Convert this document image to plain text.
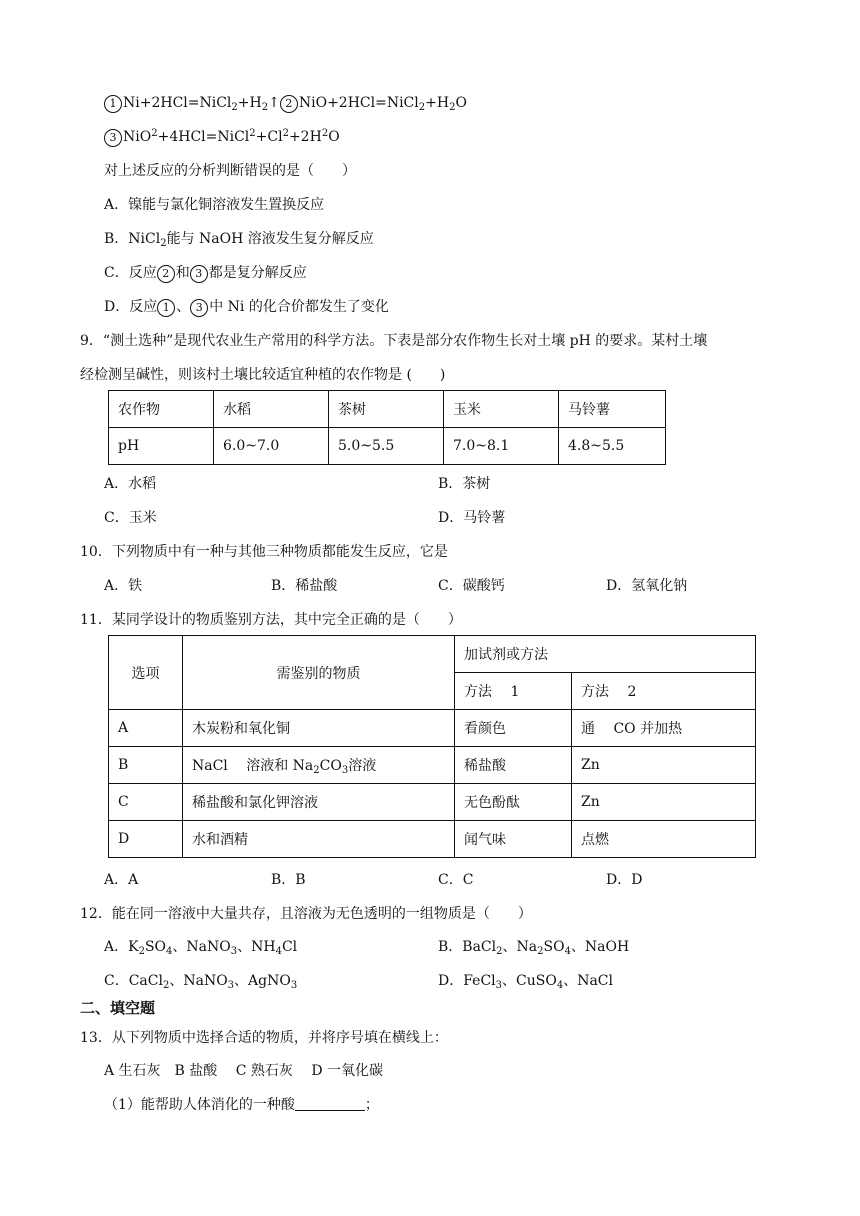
1 $Ni+2HCl=NiCl_2+H_2↑$ 2 $NiO+2HCl=NiCl_2+H_2O$
3 $NiO^2+4HCl=NiCl^2+Cl^2+2H^2O$
对上述反应的分析判断错误的是（　　）
A．镍能与氯化铜溶液发生置换反应
B．NiCl$_2$能与 NaOH 溶液发生复分解反应
C．反应 2 和 3 都是复分解反应
D．反应 1 、 3 中 Ni 的化合价都发生了变化
9．“测土选种”是现代农业生产常用的科学方法。下表是部分农作物生长对土壤 pH 的要求。某村土壤
经检测呈碱性，则该村土壤比较适宜种植的农作物是 (　　)
农作物	水稻	茶树	玉米	马铃薯
pH	6.0~7.0	5.0~5.5	7.0~8.1	4.8~5.5
A．水稻	B．茶树
C．玉米	D．马铃薯
10．下列物质中有一种与其他三种物质都能发生反应，它是
A．铁	B．稀盐酸	C．碳酸钙	D．氢氧化钠
11．某同学设计的物质鉴别方法，其中完全正确的是（　　）
选项	需鉴别的物质	加试剂或方法	
		方法　 1	方法　 2
A	木炭粉和氧化铜	看颜色	通　 CO 并加热
B	NaCl　 溶液和 $Na_2CO_3$溶液	稀盐酸	Zn
C	稀盐酸和氯化钾溶液	无色酚酞	Zn
D	水和酒精	闻气味	点燃
A．A	B．B	C．C	D．D
12．能在同一溶液中大量共存，且溶液为无色透明的一组物质是（　　）
A．$K_2SO_4$、NaNO$_3$、$NH_4Cl$	B．BaCl$_2$、$Na_2SO_4$、NaOH
C．CaCl$_2$、NaNO$_3$、AgNO$_3$	D．FeCl$_3$、CuSO$_4$、NaCl
二、填空题
13．从下列物质中选择合适的物质，并将序号填在横线上：
A 生石灰　B 盐酸　 C 熟石灰　 D 一氧化碳
（1）能帮助人体消化的一种酸	；
